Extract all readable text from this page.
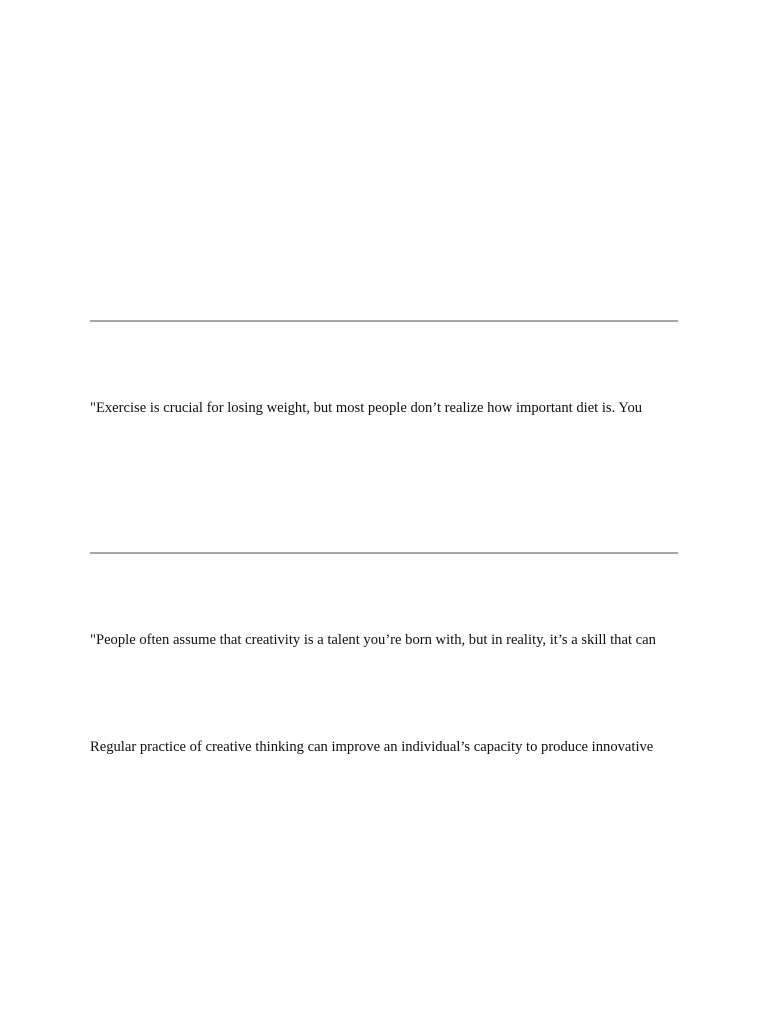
"Exercise is crucial for losing weight, but most people don’t realize how important diet is. You

"People often assume that creativity is a talent you’re born with, but in reality, it’s a skill that can

Regular practice of creative thinking can improve an individual’s capacity to produce innovative
